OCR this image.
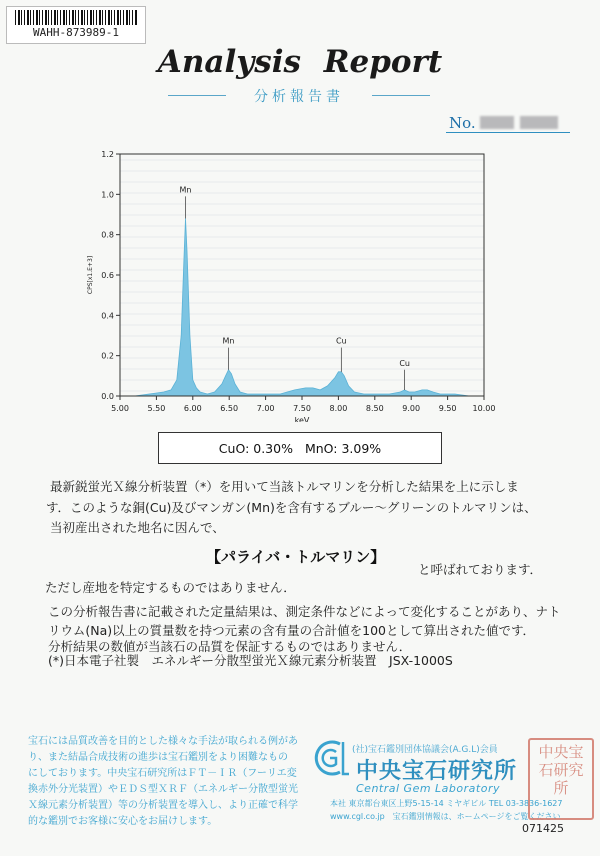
WAHH-873989-1
Analysis Report
分析報告書
No.
5.00 5.50 6.00 6.50 7.00 7.50 8.00 8.50 9.00 9.50 10.00
0.0
0.2
0.4
0.6
0.8
1.0
1.2
keV
CPS[x1.E+3]
Mn
Mn	Cu
Cu
CuO: 0.30% MnO: 3.09%
最新鋭蛍光Ｘ線分析装置（*）を用いて当該トルマリンを分析した結果を上に示しま
す．このような銅(Cu)及びマンガン(Mn)を含有するブルー～グリーンのトルマリンは、
当初産出された地名に因んで、
【パライバ・トルマリン】
と呼ばれております．
ただし産地を特定するものではありません．
この分析報告書に記載された定量結果は、測定条件などによって変化することがあり、ナト
リウム(Na)以上の質量数を持つ元素の含有量の合計値を100として算出された値です．
分析結果の数値が当該石の品質を保証するものではありません．
(*)日本電子社製　エネルギー分散型蛍光Ｘ線元素分析装置　JSX-1000S
宝石には品質改善を目的とした様々な手法が取られる例があ
り、また結晶合成技術の進歩は宝石鑑別をより困難なもの
にしております。中央宝石研究所はＦＴ－ＩＲ（フーリエ変
換赤外分光装置）やＥＤＳ型ＸＲＦ（エネルギー分散型蛍光
Ｘ線元素分析装置）等の分析装置を導入し、より正確で科学
的な鑑別でお客様に安心をお届けします。
(社)宝石鑑別団体協議会(A.G.L)会員
中央宝石研究所
Central Gem Laboratory
本社 東京都台東区上野5-15-14 ミヤギビル TEL 03-3836-1627
www.cgl.co.jp　宝石鑑別情報は、ホームページをご覧ください
中央宝石研究所
071425
